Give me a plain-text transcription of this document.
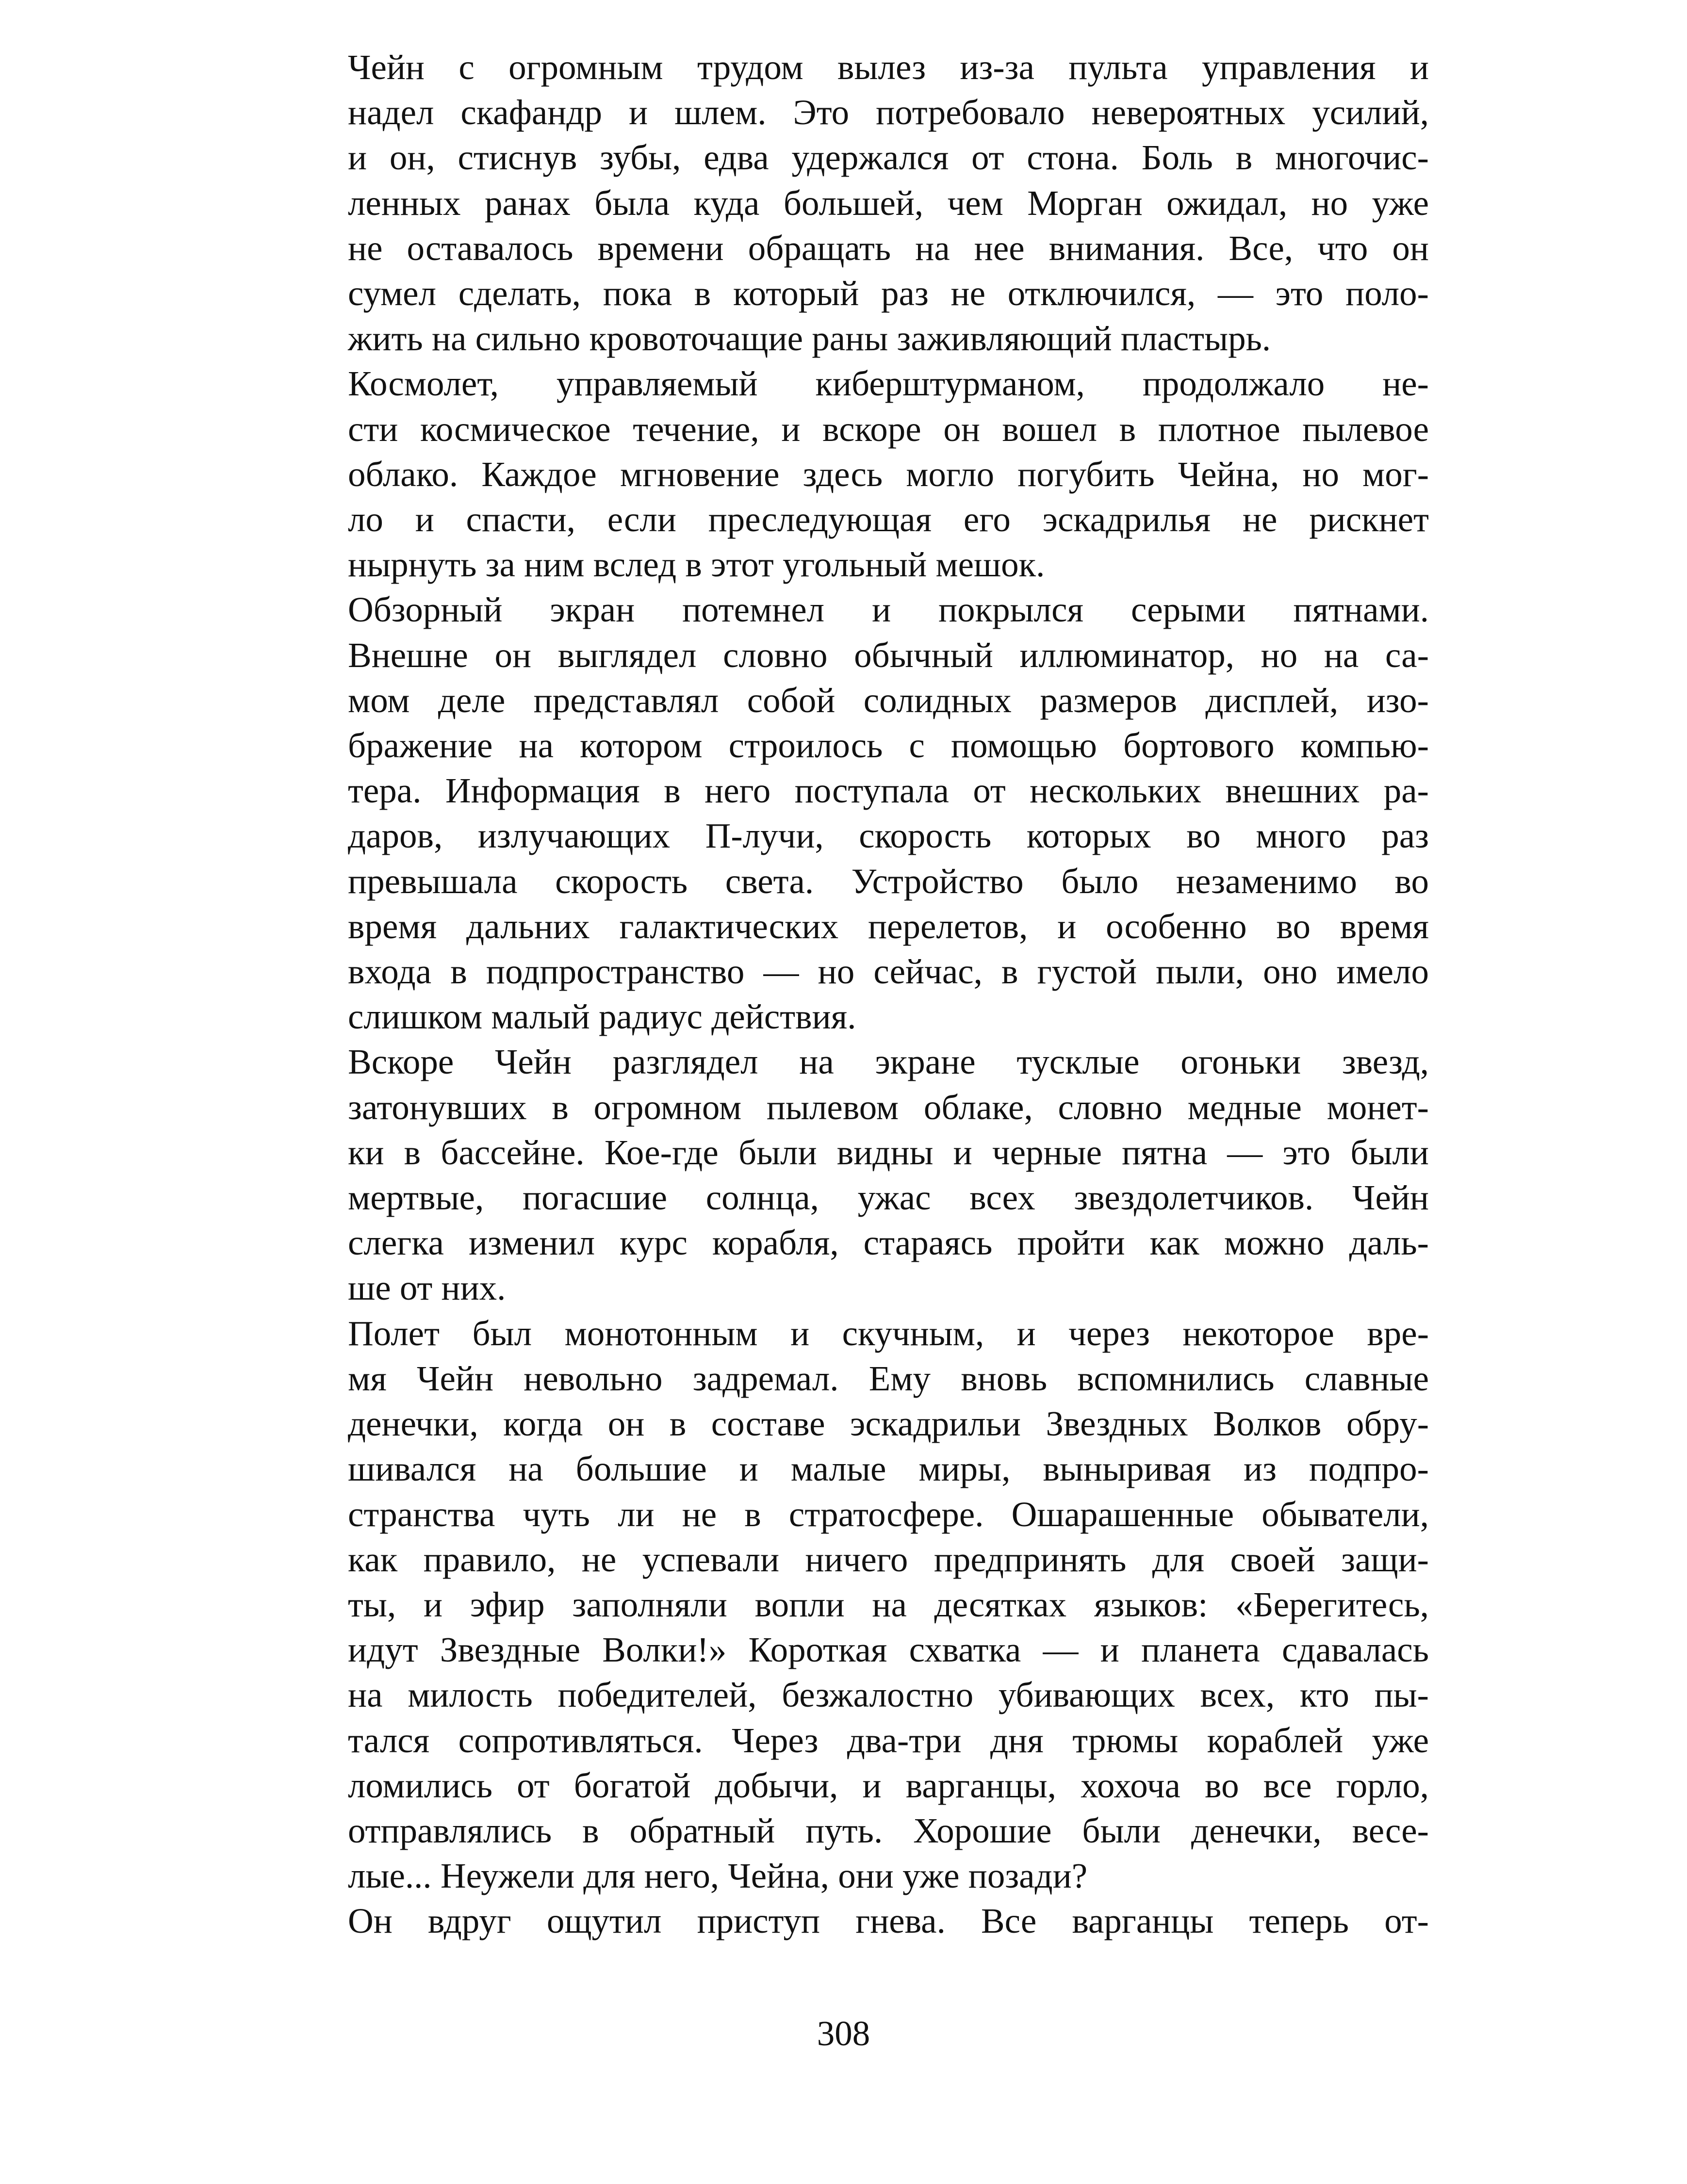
Чейн с огромным трудом вылез из-за пульта управления и
надел скафандр и шлем. Это потребовало невероятных усилий,
и он, стиснув зубы, едва удержался от стона. Боль в многочис-
ленных ранах была куда большей, чем Морган ожидал, но уже
не оставалось времени обращать на нее внимания. Все, что он
сумел сделать, пока в который раз не отключился, — это поло-
жить на сильно кровоточащие раны заживляющий пластырь.

Космолет, управляемый киберштурманом, продолжало не-
сти космическое течение, и вскоре он вошел в плотное пылевое
облако. Каждое мгновение здесь могло погубить Чейна, но мог-
ло и спасти, если преследующая его эскадрилья не рискнет
нырнуть за ним вслед в этот угольный мешок.

Обзорный экран потемнел и покрылся серыми пятнами.
Внешне он выглядел словно обычный иллюминатор, но на са-
мом деле представлял собой солидных размеров дисплей, изо-
бражение на котором строилось с помощью бортового компью-
тера. Информация в него поступала от нескольких внешних ра-
даров, излучающих П-лучи, скорость которых во много раз
превышала скорость света. Устройство было незаменимо во
время дальних галактических перелетов, и особенно во время
входа в подпространство — но сейчас, в густой пыли, оно имело
слишком малый радиус действия.

Вскоре Чейн разглядел на экране тусклые огоньки звезд,
затонувших в огромном пылевом облаке, словно медные монет-
ки в бассейне. Кое-где были видны и черные пятна — это были
мертвые, погасшие солнца, ужас всех звездолетчиков. Чейн
слегка изменил курс корабля, стараясь пройти как можно даль-
ше от них.

Полет был монотонным и скучным, и через некоторое вре-
мя Чейн невольно задремал. Ему вновь вспомнились славные
денечки, когда он в составе эскадрильи Звездных Волков обру-
шивался на большие и малые миры, выныривая из подпро-
странства чуть ли не в стратосфере. Ошарашенные обыватели,
как правило, не успевали ничего предпринять для своей защи-
ты, и эфир заполняли вопли на десятках языков: «Берегитесь,
идут Звездные Волки!» Короткая схватка — и планета сдавалась
на милость победителей, безжалостно убивающих всех, кто пы-
тался сопротивляться. Через два-три дня трюмы кораблей уже
ломились от богатой добычи, и варганцы, хохоча во все горло,
отправлялись в обратный путь. Хорошие были денечки, весе-
лые... Неужели для него, Чейна, они уже позади?

Он вдруг ощутил приступ гнева. Все варганцы теперь от-

308
